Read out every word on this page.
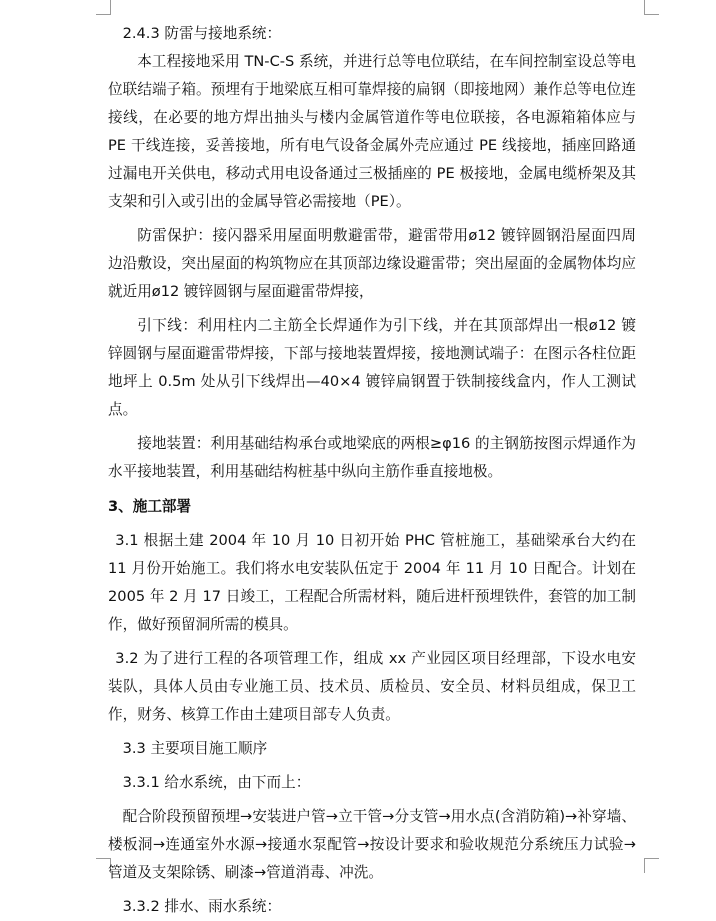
2.4.3 防雷与接地系统：

本工程接地采用 TN-C-S 系统，并进行总等电位联结，在车间控制室设总等电位联结端子箱。预埋有于地梁底互相可靠焊接的扁钢（即接地网）兼作总等电位连接线，在必要的地方焊出抽头与楼内金属管道作等电位联接，各电源箱箱体应与 PE 干线连接，妥善接地，所有电气设备金属外壳应通过 PE 线接地，插座回路通过漏电开关供电，移动式用电设备通过三极插座的 PE 极接地，金属电缆桥架及其支架和引入或引出的金属导管必需接地（PE）。

防雷保护：接闪器采用屋面明敷避雷带，避雷带用ø12 镀锌圆钢沿屋面四周边沿敷设，突出屋面的构筑物应在其顶部边缘设避雷带；突出屋面的金属物体均应就近用ø12 镀锌圆钢与屋面避雷带焊接，

引下线：利用柱内二主筋全长焊通作为引下线，并在其顶部焊出一根ø12 镀锌圆钢与屋面避雷带焊接，下部与接地装置焊接，接地测试端子：在图示各柱位距地坪上 0.5m 处从引下线焊出—40×4 镀锌扁钢置于铁制接线盒内，作人工测试点。

接地装置：利用基础结构承台或地梁底的两根≥φ16 的主钢筋按图示焊通作为水平接地装置，利用基础结构桩基中纵向主筋作垂直接地极。

3、施工部署

3.1 根据土建 2004 年 10 月 10 日初开始 PHC 管桩施工，基础梁承台大约在 11 月份开始施工。我们将水电安装队伍定于 2004 年 11 月 10 日配合。计划在 2005 年 2 月 17 日竣工，工程配合所需材料，随后进杆预埋铁件，套管的加工制作，做好预留洞所需的模具。

3.2 为了进行工程的各项管理工作，组成 xx 产业园区项目经理部，下设水电安装队，具体人员由专业施工员、技术员、质检员、安全员、材料员组成，保卫工作，财务、核算工作由土建项目部专人负责。

3.3 主要项目施工顺序

3.3.1 给水系统，由下而上：

配合阶段预留预埋→安装进户管→立干管→分支管→用水点(含消防箱)→补穿墙、楼板洞→连通室外水源→接通水泵配管→按设计要求和验收规范分系统压力试验→管道及支架除锈、刷漆→管道消毒、冲洗。

3.3.2 排水、雨水系统：
